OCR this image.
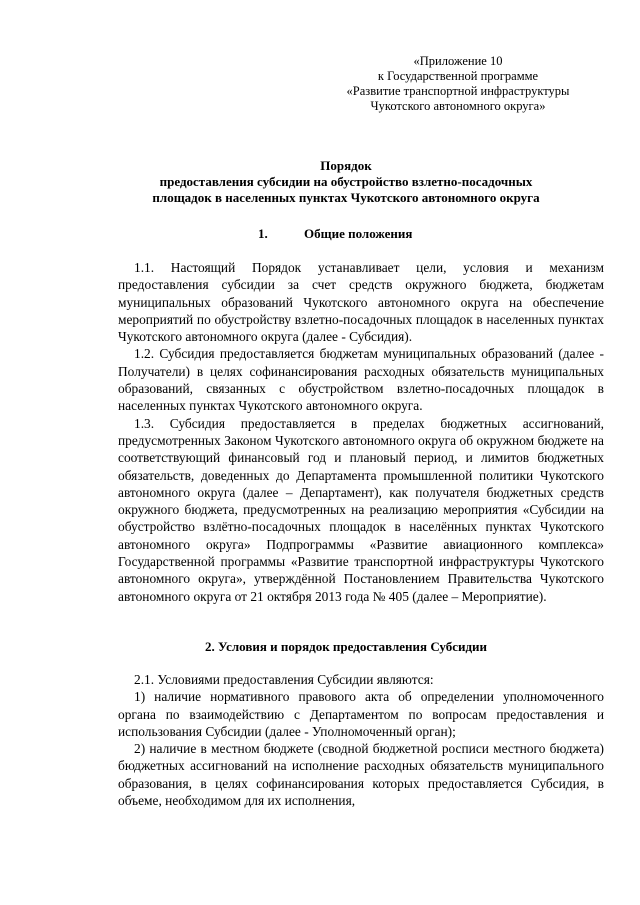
«Приложение 10
к Государственной программе
«Развитие транспортной инфраструктуры
Чукотского автономного округа»
Порядок
предоставления субсидии на обустройство взлетно-посадочных
площадок в населенных пунктах Чукотского автономного округа
1.	Общие положения

1.1. Настоящий Порядок устанавливает цели, условия и механизм предоставления субсидии за счет средств окружного бюджета, бюджетам муниципальных образований Чукотского автономного округа на обеспечение мероприятий по обустройству взлетно-посадочных площадок в населенных пунктах Чукотского автономного округа (далее - Субсидия).

1.2. Субсидия предоставляется бюджетам муниципальных образований (далее - Получатели) в целях софинансирования расходных обязательств муниципальных образований, связанных с обустройством взлетно-посадочных площадок в населенных пунктах Чукотского автономного округа.

1.3. Субсидия предоставляется в пределах бюджетных ассигнований, предусмотренных Законом Чукотского автономного округа об окружном бюджете на соответствующий финансовый год и плановый период, и лимитов бюджетных обязательств, доведенных до Департамента промышленной политики Чукотского автономного округа (далее – Департамент), как получателя бюджетных средств окружного бюджета, предусмотренных на реализацию мероприятия «Субсидии на обустройство взлётно-посадочных площадок в населённых пунктах Чукотского автономного округа» Подпрограммы «Развитие авиационного комплекса» Государственной программы «Развитие транспортной инфраструктуры Чукотского автономного округа», утверждённой Постановлением Правительства Чукотского автономного округа от 21 октября 2013 года № 405 (далее – Мероприятие).

2. Условия и порядок предоставления Субсидии

2.1. Условиями предоставления Субсидии являются:

1) наличие нормативного правового акта об определении уполномоченного органа по взаимодействию с Департаментом по вопросам предоставления и использования Субсидии (далее - Уполномоченный орган);

2) наличие в местном бюджете (сводной бюджетной росписи местного бюджета) бюджетных ассигнований на исполнение расходных обязательств муниципального образования, в целях софинансирования которых предоставляется Субсидия, в объеме, необходимом для их исполнения,
